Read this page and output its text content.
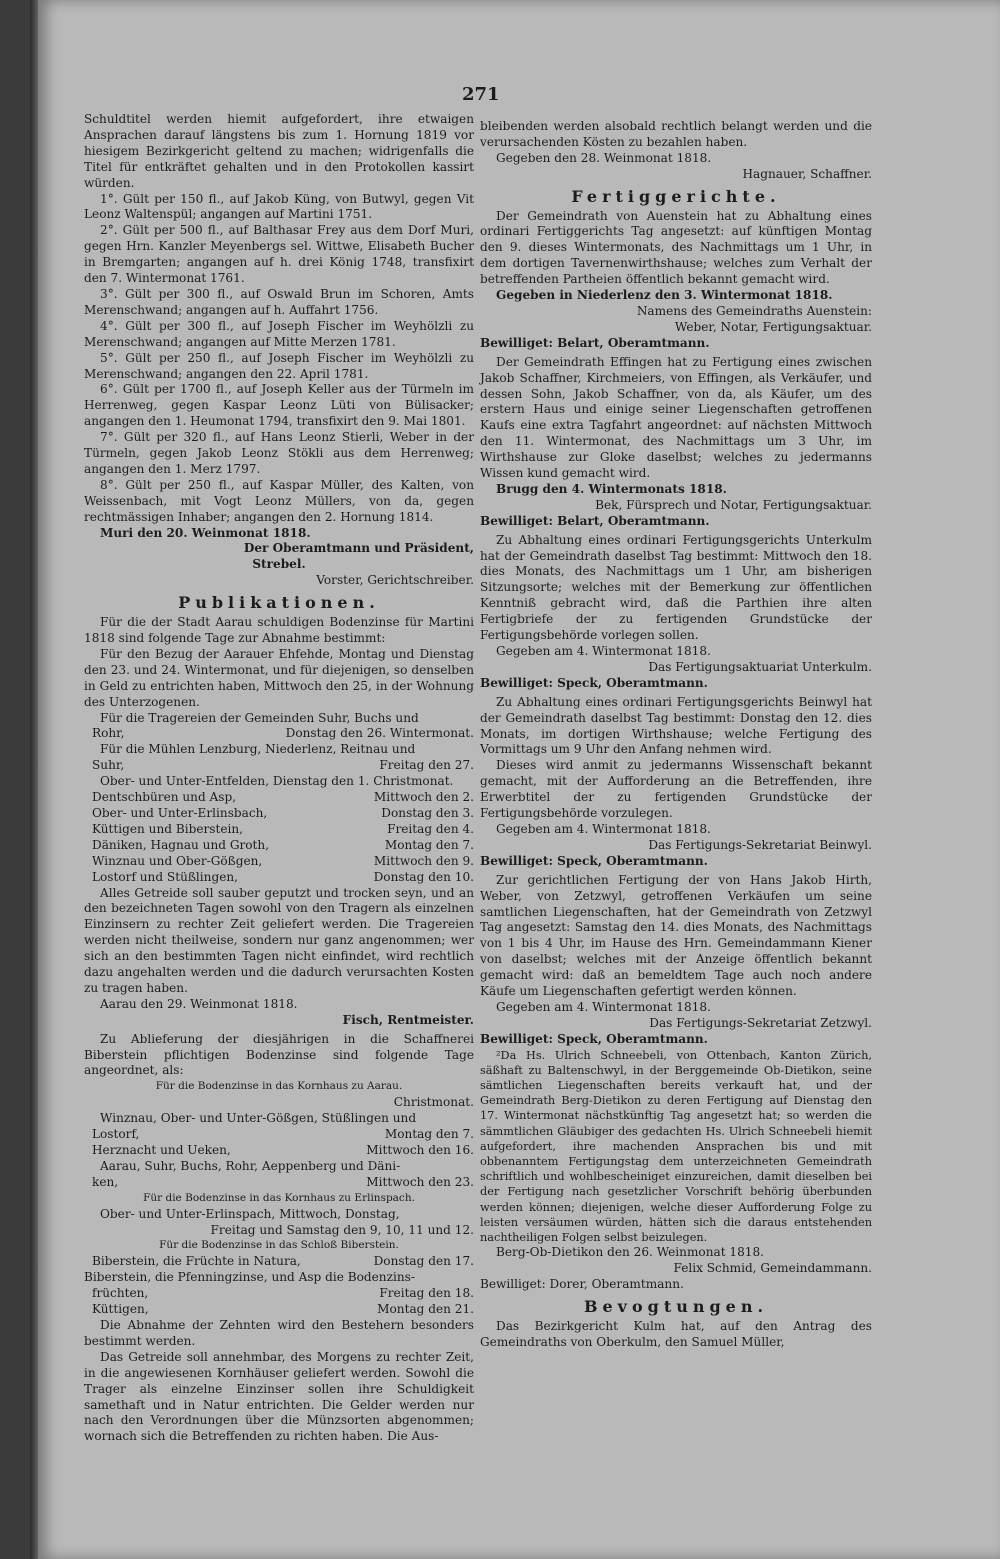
271

Schuldtitel werden hiemit aufgefordert, ihre etwaigen Ansprachen darauf längstens bis zum 1. Hornung 1819 vor hiesigem Bezirkgericht geltend zu machen; widrigenfalls die Titel für entkräftet gehalten und in den Protokollen kassirt würden.

1°. Gült per 150 fl., auf Jakob Küng, von Butwyl, gegen Vit Leonz Waltenspül; angangen auf Martini 1751.

2°. Gült per 500 fl., auf Balthasar Frey aus dem Dorf Muri, gegen Hrn. Kanzler Meyenbergs sel. Wittwe, Elisabeth Bucher in Bremgarten; angangen auf h. drei König 1748, transfixirt den 7. Wintermonat 1761.

3°. Gült per 300 fl., auf Oswald Brun im Schoren, Amts Merenschwand; angangen auf h. Auffahrt 1756.

4°. Gült per 300 fl., auf Joseph Fischer im Weyhölzli zu Merenschwand; angangen auf Mitte Merzen 1781.

5°. Gült per 250 fl., auf Joseph Fischer im Weyhölzli zu Merenschwand; angangen den 22. April 1781.

6°. Gült per 1700 fl., auf Joseph Keller aus der Türmeln im Herrenweg, gegen Kaspar Leonz Lüti von Bülisacker; angangen den 1. Heumonat 1794, transfixirt den 9. Mai 1801.

7°. Gült per 320 fl., auf Hans Leonz Stierli, Weber in der Türmeln, gegen Jakob Leonz Stökli aus dem Herrenweg; angangen den 1. Merz 1797.

8°. Gült per 250 fl., auf Kaspar Müller, des Kalten, von Weissenbach, mit Vogt Leonz Müllers, von da, gegen rechtmässigen Inhaber; angangen den 2. Hornung 1814.

Muri den 20. Weinmonat 1818.

Der Oberamtmann und Präsident,

Strebel.

Vorster, Gerichtschreiber.

Publikationen.

Für die der Stadt Aarau schuldigen Bodenzinse für Martini 1818 sind folgende Tage zur Abnahme bestimmt:

Für den Bezug der Aarauer Ehfehde, Montag und Dienstag den 23. und 24. Wintermonat, und für diejenigen, so denselben in Geld zu entrichten haben, Mittwoch den 25, in der Wohnung des Unterzogenen.

Für die Tragereien der Gemeinden Suhr, Buchs und

Rohr,	Donstag den 26. Wintermonat.

Für die Mühlen Lenzburg, Niederlenz, Reitnau und

Suhr,	Freitag den 27.

Ober- und Unter-Entfelden, Dienstag den 1. Christmonat.

Dentschbüren und Asp,	Mittwoch den 2.
Ober- und Unter-Erlinsbach,	Donstag den 3.
Küttigen und Biberstein,	Freitag den 4.
Däniken, Hagnau und Groth,	Montag den 7.
Winznau und Ober-Gößgen,	Mittwoch den 9.
Lostorf und Stüßlingen,	Donstag den 10.

Alles Getreide soll sauber geputzt und trocken seyn, und an den bezeichneten Tagen sowohl von den Tragern als einzelnen Einzinsern zu rechter Zeit geliefert werden. Die Tragereien werden nicht theilweise, sondern nur ganz angenommen; wer sich an den bestimmten Tagen nicht einfindet, wird rechtlich dazu angehalten werden und die dadurch verursachten Kosten zu tragen haben.

Aarau den 29. Weinmonat 1818.

Fisch, Rentmeister.

Zu Ablieferung der diesjährigen in die Schaffnerei Biberstein pflichtigen Bodenzinse sind folgende Tage angeordnet, als:

Für die Bodenzinse in das Kornhaus zu Aarau.

Christmonat.

Winznau, Ober- und Unter-Gößgen, Stüßlingen und

Lostorf,	Montag den 7.
Herznacht und Ueken,	Mittwoch den 16.

Aarau, Suhr, Buchs, Rohr, Aeppenberg und Däni-

ken,	Mittwoch den 23.

Für die Bodenzinse in das Kornhaus zu Erlinspach.

Ober- und Unter-Erlinspach, Mittwoch, Donstag,

Freitag und Samstag den 9, 10, 11 und 12.

Für die Bodenzinse in das Schloß Biberstein.

Biberstein, die Früchte in Natura,	Donstag den 17.

Biberstein, die Pfenningzinse, und Asp die Bodenzins-

früchten,	Freitag den 18.
Küttigen,	Montag den 21.

Die Abnahme der Zehnten wird den Bestehern besonders bestimmt werden.

Das Getreide soll annehmbar, des Morgens zu rechter Zeit, in die angewiesenen Kornhäuser geliefert werden. Sowohl die Trager als einzelne Einzinser sollen ihre Schuldigkeit samethaft und in Natur entrichten. Die Gelder werden nur nach den Verordnungen über die Münzsorten abgenommen; wornach sich die Betreffenden zu richten haben. Die Aus-

bleibenden werden alsobald rechtlich belangt werden und die verursachenden Kösten zu bezahlen haben.

Gegeben den 28. Weinmonat 1818.

Hagnauer, Schaffner.

Fertiggerichte.

Der Gemeindrath von Auenstein hat zu Abhaltung eines ordinari Fertiggerichts Tag angesetzt: auf künftigen Montag den 9. dieses Wintermonats, des Nachmittags um 1 Uhr, in dem dortigen Tavernenwirthshause; welches zum Verhalt der betreffenden Partheien öffentlich bekannt gemacht wird.

Gegeben in Niederlenz den 3. Wintermonat 1818.

Namens des Gemeindraths Auenstein:

Weber, Notar, Fertigungsaktuar.

Bewilliget: Belart, Oberamtmann.

Der Gemeindrath Effingen hat zu Fertigung eines zwischen Jakob Schaffner, Kirchmeiers, von Effingen, als Verkäufer, und dessen Sohn, Jakob Schaffner, von da, als Käufer, um des erstern Haus und einige seiner Liegenschaften getroffenen Kaufs eine extra Tagfahrt angeordnet: auf nächsten Mittwoch den 11. Wintermonat, des Nachmittags um 3 Uhr, im Wirthshause zur Gloke daselbst; welches zu jedermanns Wissen kund gemacht wird.

Brugg den 4. Wintermonats 1818.

Bek, Fürsprech und Notar, Fertigungsaktuar.

Bewilliget: Belart, Oberamtmann.

Zu Abhaltung eines ordinari Fertigungsgerichts Unterkulm hat der Gemeindrath daselbst Tag bestimmt: Mittwoch den 18. dies Monats, des Nachmittags um 1 Uhr, am bisherigen Sitzungsorte; welches mit der Bemerkung zur öffentlichen Kenntniß gebracht wird, daß die Parthien ihre alten Fertigbriefe der zu fertigenden Grundstücke der Fertigungsbehörde vorlegen sollen.

Gegeben am 4. Wintermonat 1818.

Das Fertigungsaktuariat Unterkulm.

Bewilliget: Speck, Oberamtmann.

Zu Abhaltung eines ordinari Fertigungsgerichts Beinwyl hat der Gemeindrath daselbst Tag bestimmt: Donstag den 12. dies Monats, im dortigen Wirthshause; welche Fertigung des Vormittags um 9 Uhr den Anfang nehmen wird.

Dieses wird anmit zu jedermanns Wissenschaft bekannt gemacht, mit der Aufforderung an die Betreffenden, ihre Erwerbtitel der zu fertigenden Grundstücke der Fertigungsbehörde vorzulegen.

Gegeben am 4. Wintermonat 1818.

Das Fertigungs-Sekretariat Beinwyl.

Bewilliget: Speck, Oberamtmann.

Zur gerichtlichen Fertigung der von Hans Jakob Hirth, Weber, von Zetzwyl, getroffenen Verkäufen um seine samtlichen Liegenschaften, hat der Gemeindrath von Zetzwyl Tag angesetzt: Samstag den 14. dies Monats, des Nachmittags von 1 bis 4 Uhr, im Hause des Hrn. Gemeindammann Kiener von daselbst; welches mit der Anzeige öffentlich bekannt gemacht wird: daß an bemeldtem Tage auch noch andere Käufe um Liegenschaften gefertigt werden können.

Gegeben am 4. Wintermonat 1818.

Das Fertigungs-Sekretariat Zetzwyl.

Bewilliget: Speck, Oberamtmann.

²Da Hs. Ulrich Schneebeli, von Ottenbach, Kanton Zürich, säßhaft zu Baltenschwyl, in der Berggemeinde Ob-Dietikon, seine sämtlichen Liegenschaften bereits verkauft hat, und der Gemeindrath Berg-Dietikon zu deren Fertigung auf Dienstag den 17. Wintermonat nächstkünftig Tag angesetzt hat; so werden die sämmtlichen Gläubiger des gedachten Hs. Ulrich Schneebeli hiemit aufgefordert, ihre machenden Ansprachen bis und mit obbenanntem Fertigungstag dem unterzeichneten Gemeindrath schriftlich und wohlbescheiniget einzureichen, damit dieselben bei der Fertigung nach gesetzlicher Vorschrift behörig überbunden werden können; diejenigen, welche dieser Aufforderung Folge zu leisten versäumen würden, hätten sich die daraus entstehenden nachtheiligen Folgen selbst beizulegen.

Berg-Ob-Dietikon den 26. Weinmonat 1818.

Felix Schmid, Gemeindammann.

Bewilliget: Dorer, Oberamtmann.

Bevogtungen.

Das Bezirkgericht Kulm hat, auf den Antrag des Gemeindraths von Oberkulm, den Samuel Müller,
